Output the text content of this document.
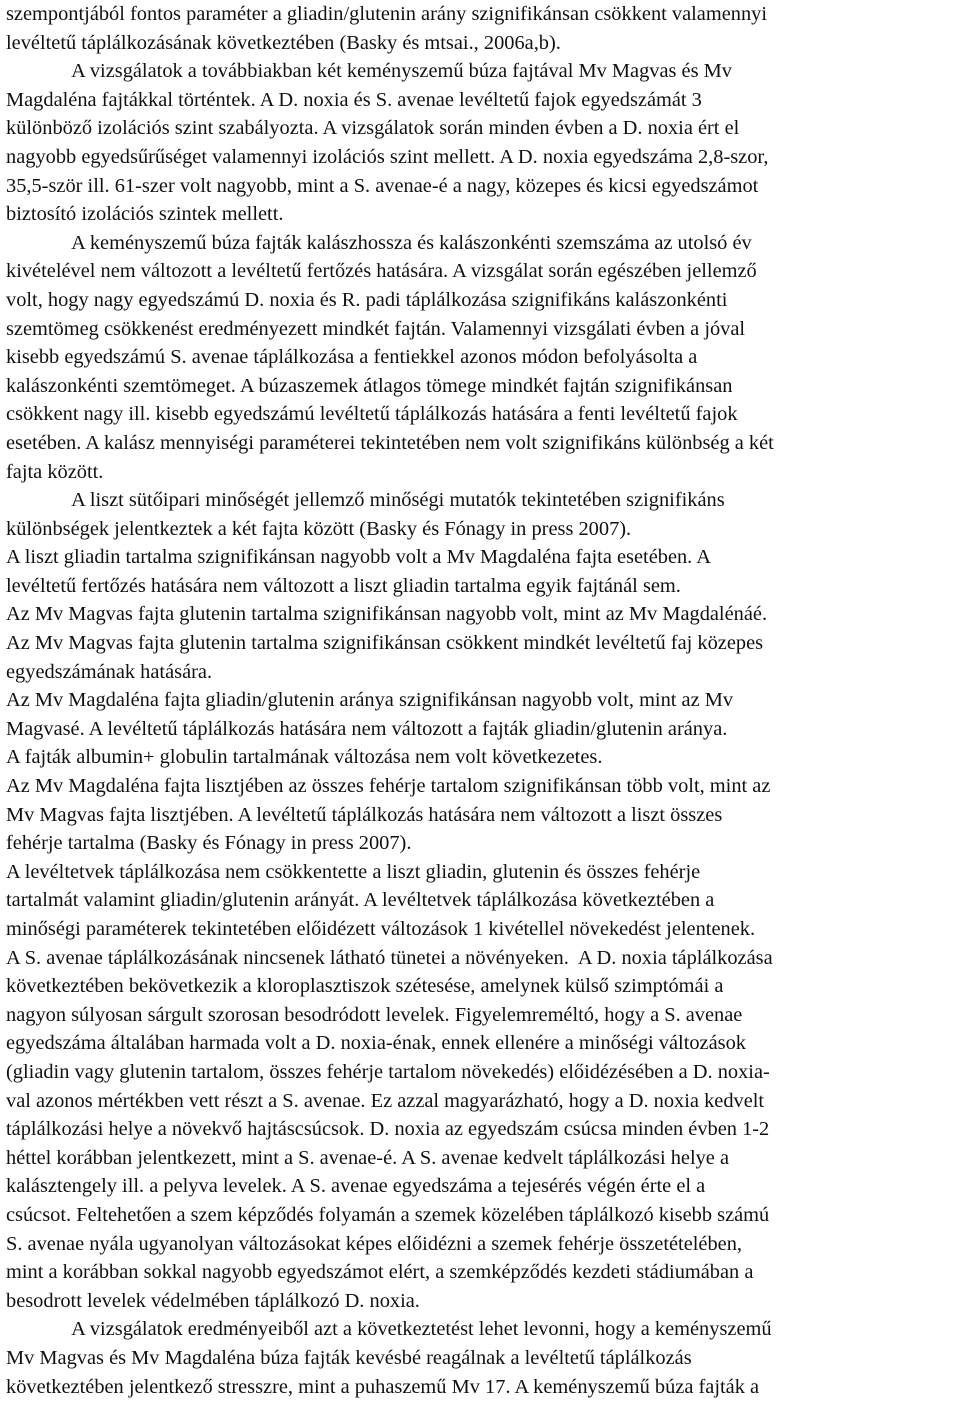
szempontjából fontos paraméter a gliadin/glutenin arány szignifikánsan csökkent valamennyi
levéltetű táplálkozásának következtében (Basky és mtsai., 2006a,b).
A vizsgálatok a továbbiakban két keményszemű búza fajtával Mv Magvas és Mv
Magdaléna fajtákkal történtek. A D. noxia és S. avenae levéltetű fajok egyedszámát 3
különböző izolációs szint szabályozta. A vizsgálatok során minden évben a D. noxia ért el
nagyobb egyedsűrűséget valamennyi izolációs szint mellett. A D. noxia egyedszáma 2,8-szor,
35,5-ször ill. 61-szer volt nagyobb, mint a S. avenae-é a nagy, közepes és kicsi egyedszámot
biztosító izolációs szintek mellett.
A keményszemű búza fajták kalászhossza és kalászonkénti szemszáma az utolsó év
kivételével nem változott a levéltetű fertőzés hatására. A vizsgálat során egészében jellemző
volt, hogy nagy egyedszámú D. noxia és R. padi táplálkozása szignifikáns kalászonkénti
szemtömeg csökkenést eredményezett mindkét fajtán. Valamennyi vizsgálati évben a jóval
kisebb egyedszámú S. avenae táplálkozása a fentiekkel azonos módon befolyásolta a
kalászonkénti szemtömeget. A búzaszemek átlagos tömege mindkét fajtán szignifikánsan
csökkent nagy ill. kisebb egyedszámú levéltetű táplálkozás hatására a fenti levéltetű fajok
esetében. A kalász mennyiségi paraméterei tekintetében nem volt szignifikáns különbség a két
fajta között.
A liszt sütőipari minőségét jellemző minőségi mutatók tekintetében szignifikáns
különbségek jelentkeztek a két fajta között (Basky és Fónagy in press 2007).
A liszt gliadin tartalma szignifikánsan nagyobb volt a Mv Magdaléna fajta esetében. A
levéltetű fertőzés hatására nem változott a liszt gliadin tartalma egyik fajtánál sem.
Az Mv Magvas fajta glutenin tartalma szignifikánsan nagyobb volt, mint az Mv Magdalénáé.
Az Mv Magvas fajta glutenin tartalma szignifikánsan csökkent mindkét levéltetű faj közepes
egyedszámának hatására.
Az Mv Magdaléna fajta gliadin/glutenin aránya szignifikánsan nagyobb volt, mint az Mv
Magvasé. A levéltetű táplálkozás hatására nem változott a fajták gliadin/glutenin aránya.
A fajták albumin+ globulin tartalmának változása nem volt következetes.
Az Mv Magdaléna fajta lisztjében az összes fehérje tartalom szignifikánsan több volt, mint az
Mv Magvas fajta lisztjében. A levéltetű táplálkozás hatására nem változott a liszt összes
fehérje tartalma (Basky és Fónagy in press 2007).
A levéltetvek táplálkozása nem csökkentette a liszt gliadin, glutenin és összes fehérje
tartalmát valamint gliadin/glutenin arányát. A levéltetvek táplálkozása következtében a
minőségi paraméterek tekintetében előidézett változások 1 kivétellel növekedést jelentenek.
A S. avenae táplálkozásának nincsenek látható tünetei a növényeken.  A D. noxia táplálkozása
következtében bekövetkezik a kloroplasztiszok szétesése, amelynek külső szimptómái a
nagyon súlyosan sárgult szorosan besodródott levelek. Figyelemreméltó, hogy a S. avenae
egyedszáma általában harmada volt a D. noxia-énak, ennek ellenére a minőségi változások
(gliadin vagy glutenin tartalom, összes fehérje tartalom növekedés) előidézésében a D. noxia-
val azonos mértékben vett részt a S. avenae. Ez azzal magyarázható, hogy a D. noxia kedvelt
táplálkozási helye a növekvő hajtáscsúcsok. D. noxia az egyedszám csúcsa minden évben 1-2
héttel korábban jelentkezett, mint a S. avenae-é. A S. avenae kedvelt táplálkozási helye a
kalásztengely ill. a pelyva levelek. A S. avenae egyedszáma a tejesérés végén érte el a
csúcsot. Feltehetően a szem képződés folyamán a szemek közelében táplálkozó kisebb számú
S. avenae nyála ugyanolyan változásokat képes előidézni a szemek fehérje összetételében,
mint a korábban sokkal nagyobb egyedszámot elért, a szemképződés kezdeti stádiumában a
besodrott levelek védelmében táplálkozó D. noxia.
A vizsgálatok eredményeiből azt a következtetést lehet levonni, hogy a keményszemű
Mv Magvas és Mv Magdaléna búza fajták kevésbé reagálnak a levéltetű táplálkozás
következtében jelentkező stresszre, mint a puhaszemű Mv 17. A keményszemű búza fajták a
